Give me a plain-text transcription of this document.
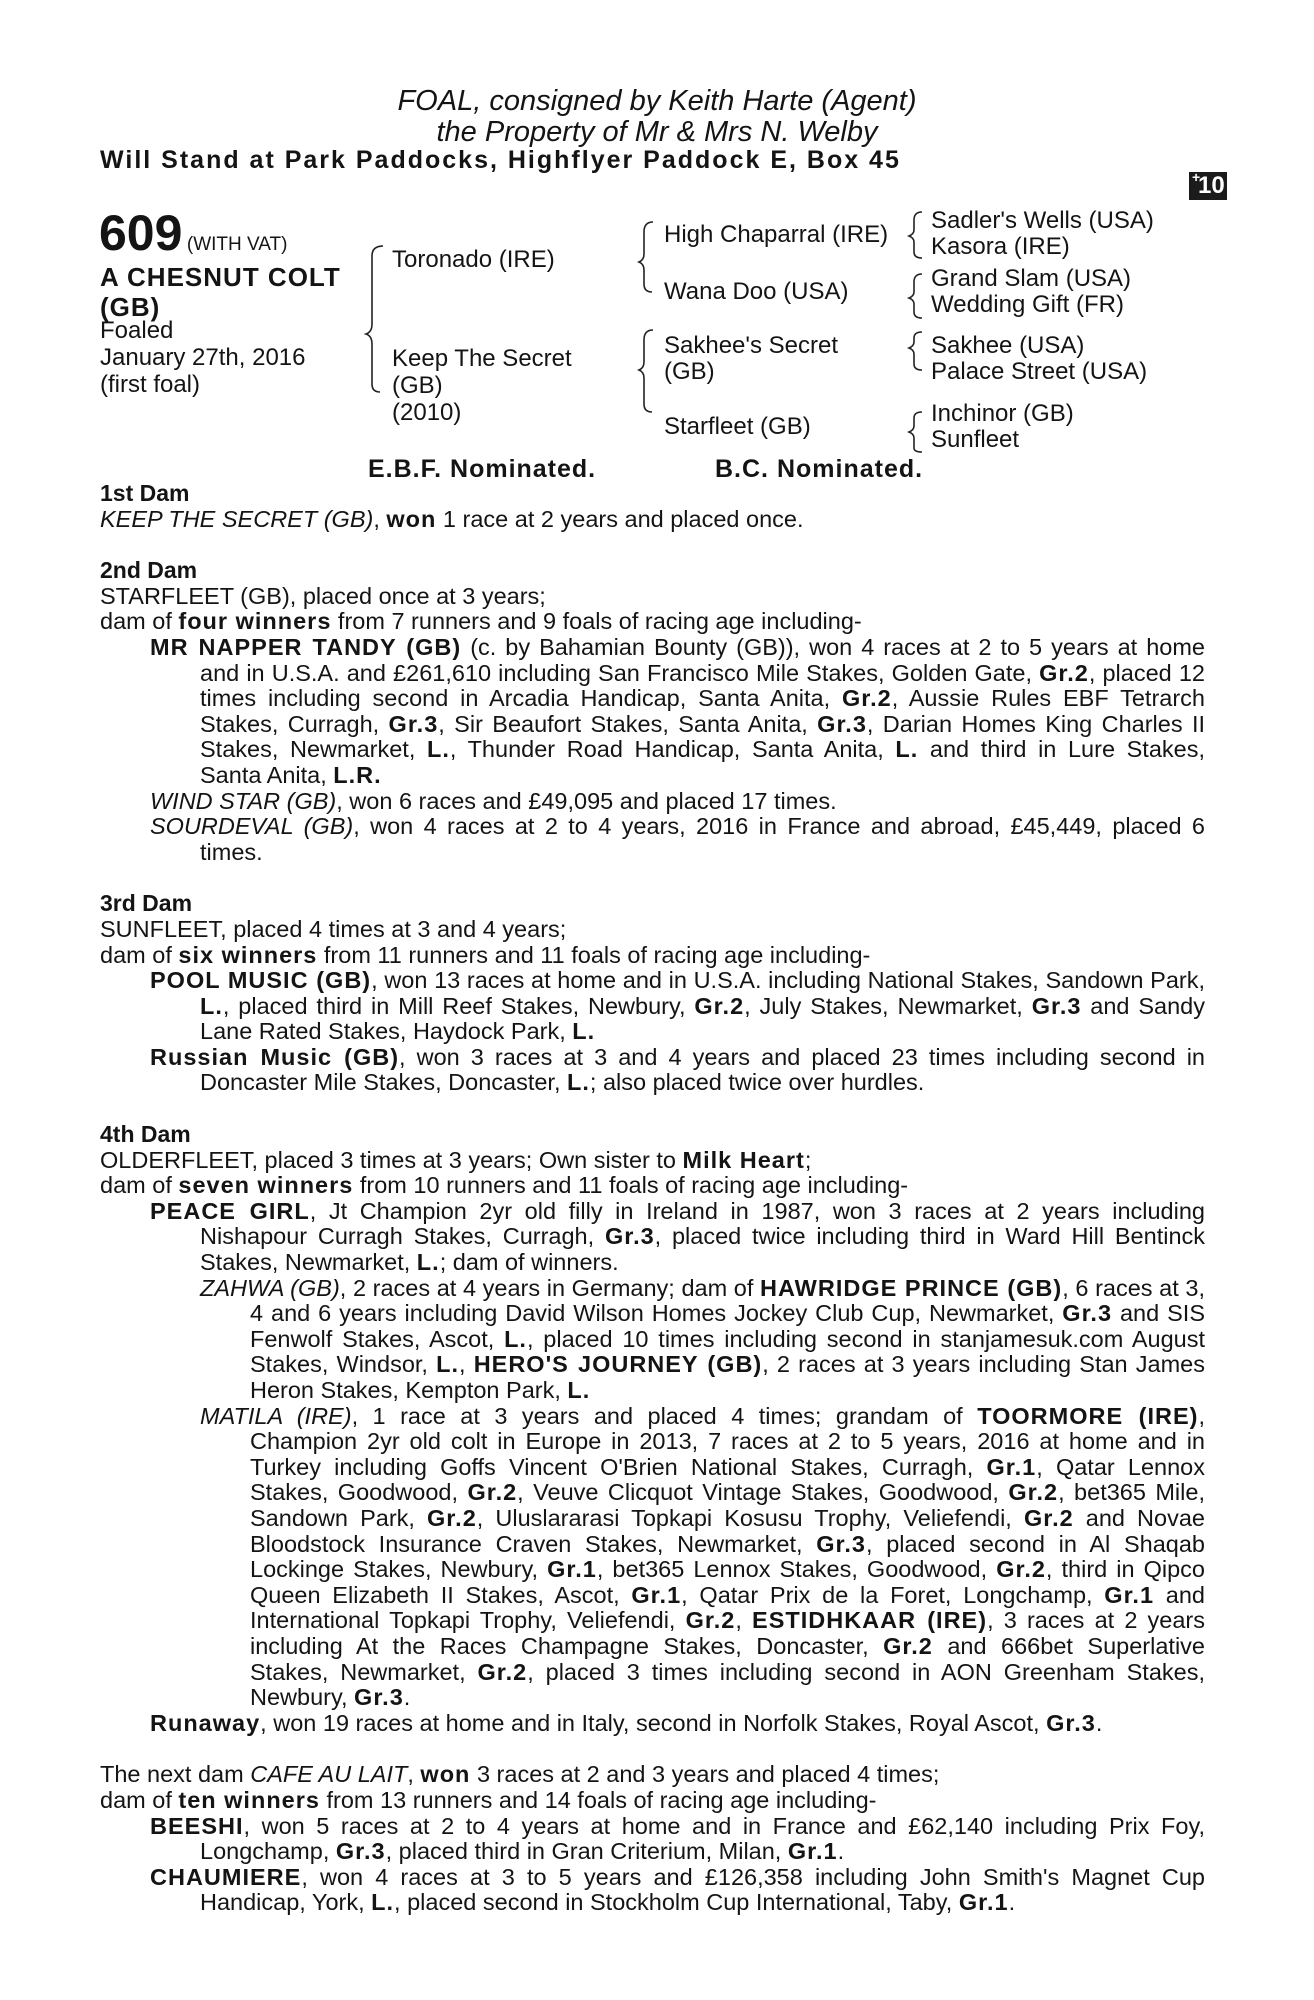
FOAL, consigned by Keith Harte (Agent)
the Property of Mr & Mrs N. Welby
Will Stand at Park Paddocks, Highflyer Paddock E, Box 45
+
10
609 (WITH VAT)
A CHESNUT COLT
(GB)
Foaled
January 27th, 2016
(first foal)
Toronado (IRE)
Keep The Secret
(GB)
(2010)
High Chaparral (IRE)
Wana Doo (USA)
Sakhee's Secret
(GB)
Starfleet (GB)
Sadler's Wells (USA)
Kasora (IRE)
Grand Slam (USA)
Wedding Gift (FR)
Sakhee (USA)
Palace Street (USA)
Inchinor (GB)
Sunfleet
E.B.F. Nominated.	B.C. Nominated.
1st Dam
KEEP THE SECRET (GB), won 1 race at 2 years and placed once.
2nd Dam
STARFLEET (GB), placed once at 3 years;
dam of four winners from 7 runners and 9 foals of racing age including-

MR NAPPER TANDY (GB) (c. by Bahamian Bounty (GB)), won 4 races at 2 to 5 years at home and in U.S.A. and £261,610 including San Francisco Mile Stakes, Golden Gate, Gr.2, placed 12 times including second in Arcadia Handicap, Santa Anita, Gr.2, Aussie Rules EBF Tetrarch Stakes, Curragh, Gr.3, Sir Beaufort Stakes, Santa Anita, Gr.3, Darian Homes King Charles II Stakes, Newmarket, L., Thunder Road Handicap, Santa Anita, L. and third in Lure Stakes, Santa Anita, L.R.

WIND STAR (GB), won 6 races and £49,095 and placed 17 times.

SOURDEVAL (GB), won 4 races at 2 to 4 years, 2016 in France and abroad, £45,449, placed 6 times.

3rd Dam
SUNFLEET, placed 4 times at 3 and 4 years;
dam of six winners from 11 runners and 11 foals of racing age including-

POOL MUSIC (GB), won 13 races at home and in U.S.A. including National Stakes, Sandown Park, L., placed third in Mill Reef Stakes, Newbury, Gr.2, July Stakes, Newmarket, Gr.3 and Sandy Lane Rated Stakes, Haydock Park, L.

Russian Music (GB), won 3 races at 3 and 4 years and placed 23 times including second in Doncaster Mile Stakes, Doncaster, L.; also placed twice over hurdles.

4th Dam
OLDERFLEET, placed 3 times at 3 years; Own sister to Milk Heart;
dam of seven winners from 10 runners and 11 foals of racing age including-

PEACE GIRL, Jt Champion 2yr old filly in Ireland in 1987, won 3 races at 2 years including Nishapour Curragh Stakes, Curragh, Gr.3, placed twice including third in Ward Hill Bentinck Stakes, Newmarket, L.; dam of winners.

ZAHWA (GB), 2 races at 4 years in Germany; dam of HAWRIDGE PRINCE (GB), 6 races at 3, 4 and 6 years including David Wilson Homes Jockey Club Cup, Newmarket, Gr.3 and SIS Fenwolf Stakes, Ascot, L., placed 10 times including second in stanjamesuk.com August Stakes, Windsor, L., HERO'S JOURNEY (GB), 2 races at 3 years including Stan James Heron Stakes, Kempton Park, L.

MATILA (IRE), 1 race at 3 years and placed 4 times; grandam of TOORMORE (IRE), Champion 2yr old colt in Europe in 2013, 7 races at 2 to 5 years, 2016 at home and in Turkey including Goffs Vincent O'Brien National Stakes, Curragh, Gr.1, Qatar Lennox Stakes, Goodwood, Gr.2, Veuve Clicquot Vintage Stakes, Goodwood, Gr.2, bet365 Mile, Sandown Park, Gr.2, Uluslararasi Topkapi Kosusu Trophy, Veliefendi, Gr.2 and Novae Bloodstock Insurance Craven Stakes, Newmarket, Gr.3, placed second in Al Shaqab Lockinge Stakes, Newbury, Gr.1, bet365 Lennox Stakes, Goodwood, Gr.2, third in Qipco Queen Elizabeth II Stakes, Ascot, Gr.1, Qatar Prix de la Foret, Longchamp, Gr.1 and International Topkapi Trophy, Veliefendi, Gr.2, ESTIDHKAAR (IRE), 3 races at 2 years including At the Races Champagne Stakes, Doncaster, Gr.2 and 666bet Superlative Stakes, Newmarket, Gr.2, placed 3 times including second in AON Greenham Stakes, Newbury, Gr.3.

Runaway, won 19 races at home and in Italy, second in Norfolk Stakes, Royal Ascot, Gr.3.

The next dam CAFE AU LAIT, won 3 races at 2 and 3 years and placed 4 times;
dam of ten winners from 13 runners and 14 foals of racing age including-

BEESHI, won 5 races at 2 to 4 years at home and in France and £62,140 including Prix Foy, Longchamp, Gr.3, placed third in Gran Criterium, Milan, Gr.1.

CHAUMIERE, won 4 races at 3 to 5 years and £126,358 including John Smith's Magnet Cup Handicap, York, L., placed second in Stockholm Cup International, Taby, Gr.1.
